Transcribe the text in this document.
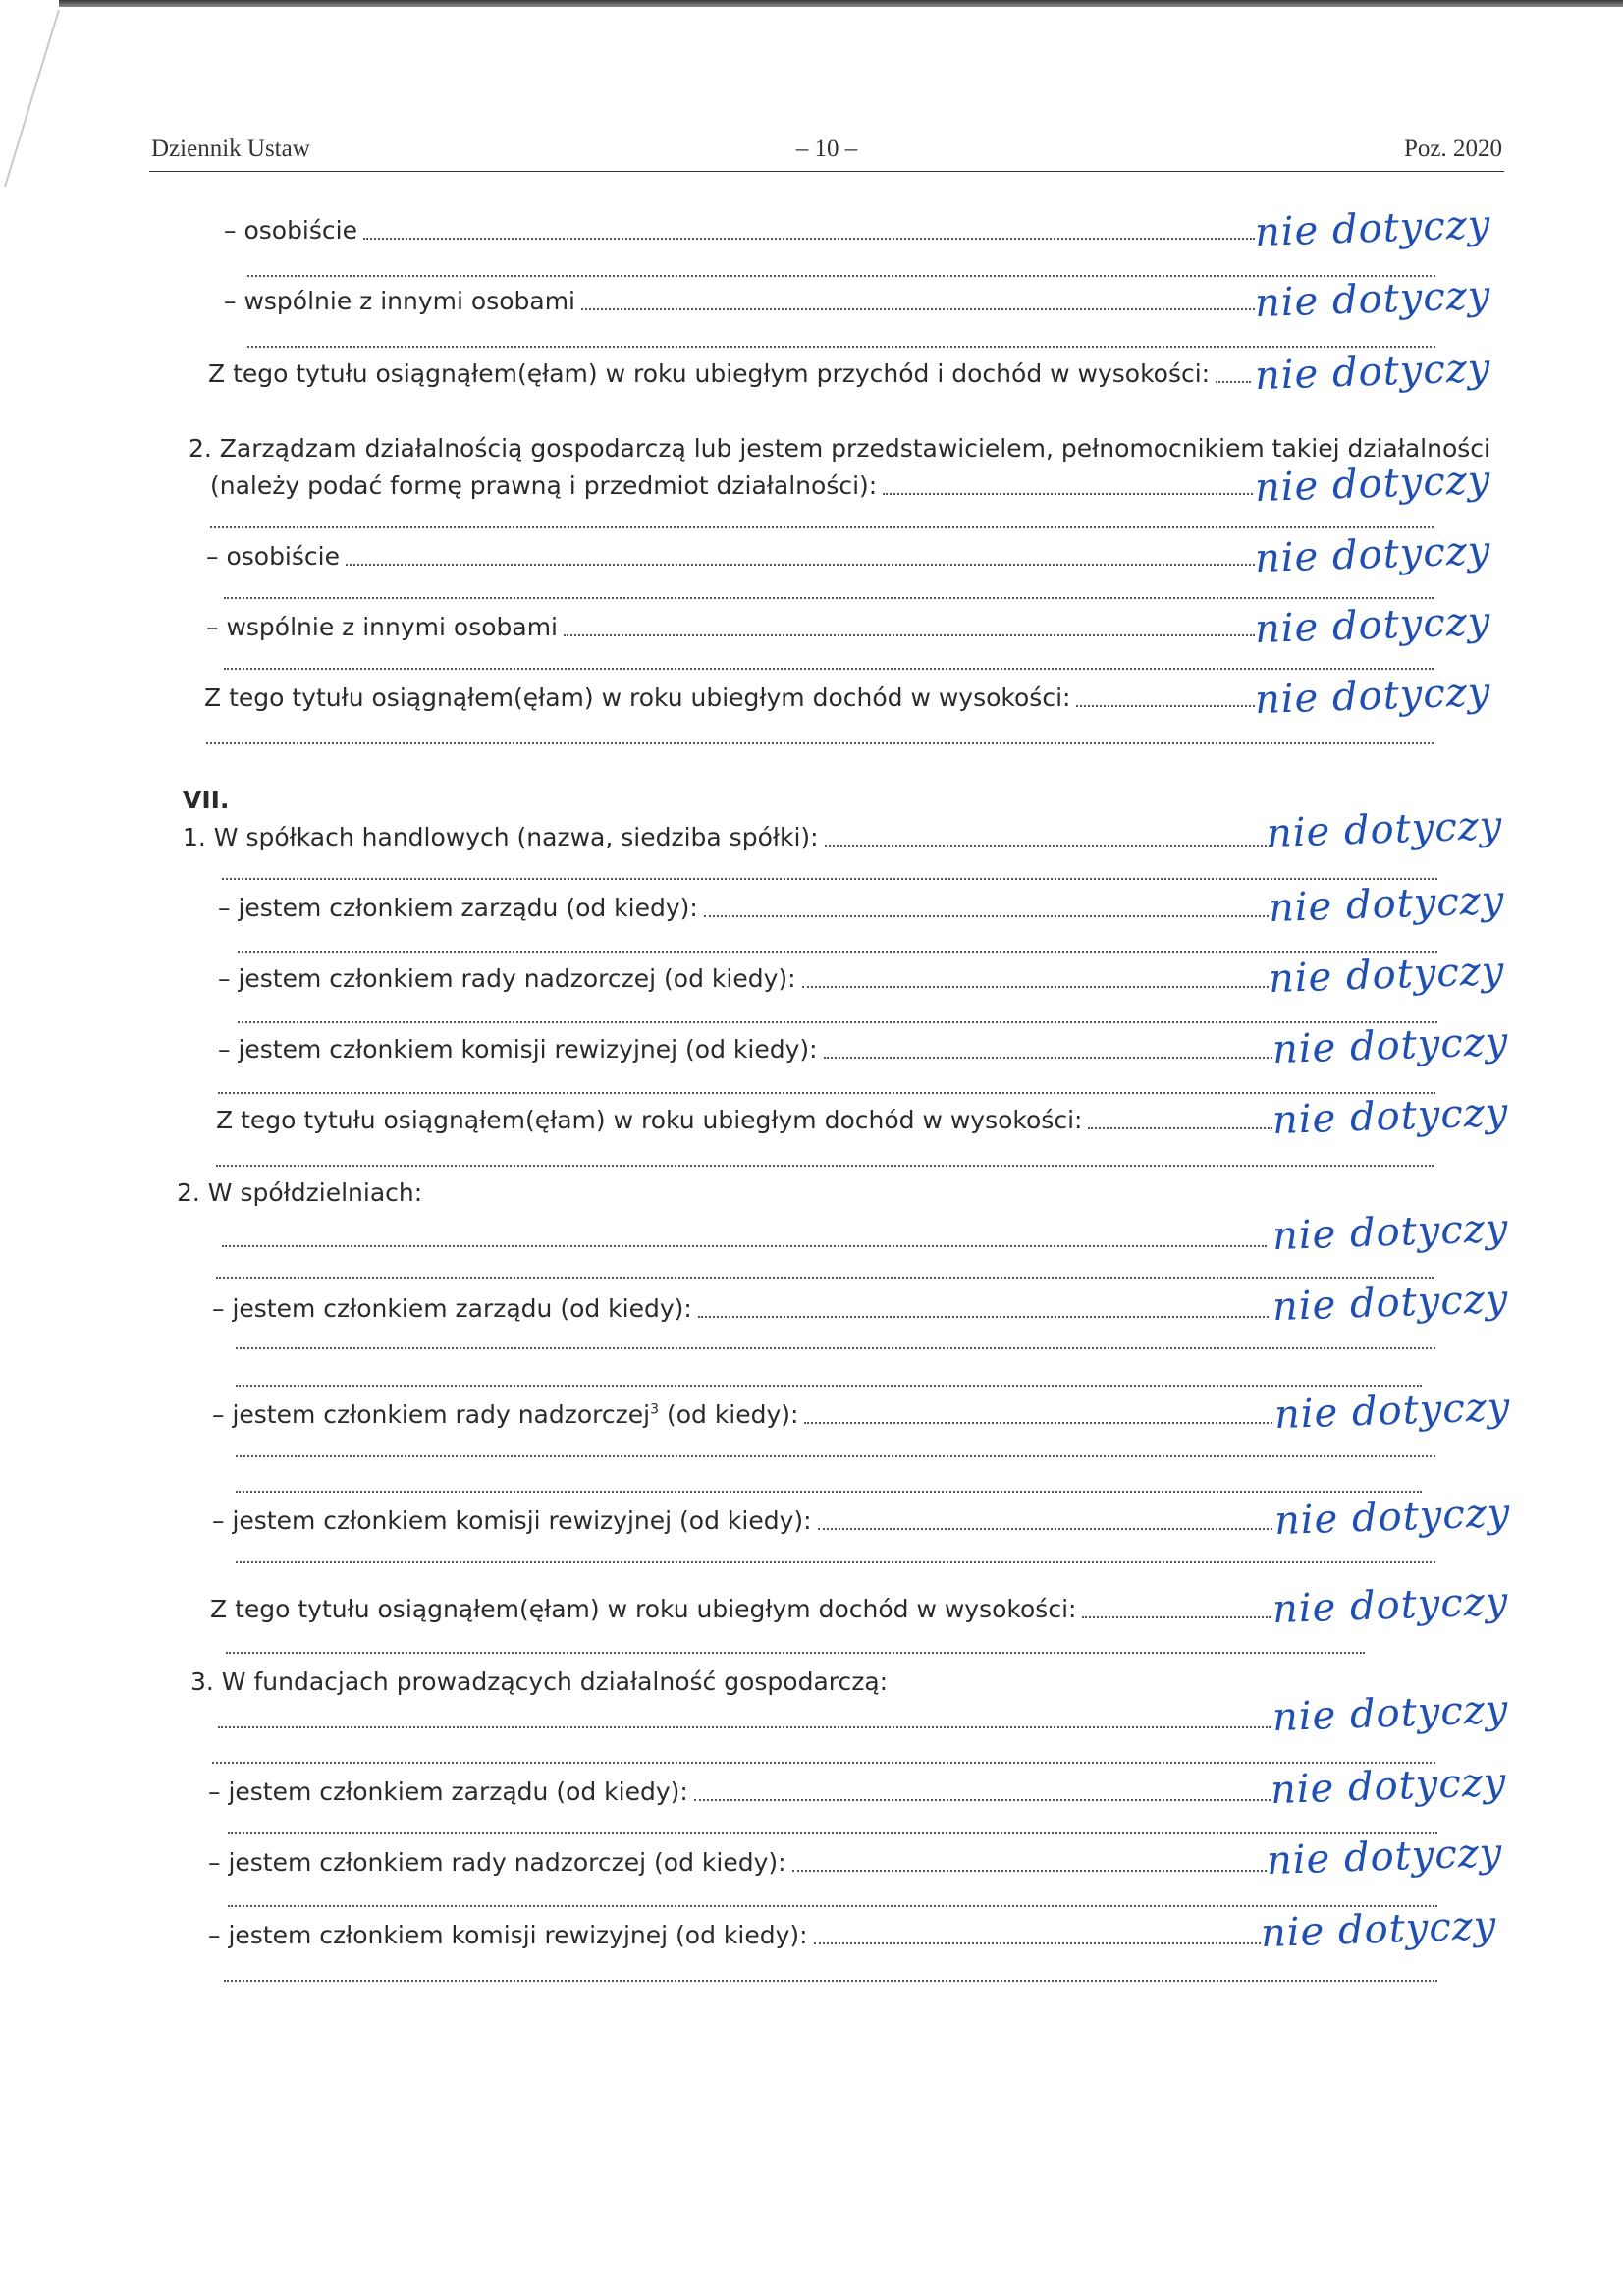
Dziennik Ustaw	– 10 –	Poz. 2020
– osobiście	nie dotyczy
– wspólnie z innymi osobami	nie dotyczy
Z tego tytułu osiągnąłem(ęłam) w roku ubiegłym przychód i dochód w wysokości: nie dotyczy
2. Zarządzam działalnością gospodarczą lub jestem przedstawicielem, pełnomocnikiem takiej działalności
(należy podać formę prawną i przedmiot działalności):	nie dotyczy
– osobiście	nie dotyczy
– wspólnie z innymi osobami	nie dotyczy
Z tego tytułu osiągnąłem(ęłam) w roku ubiegłym dochód w wysokości:	nie dotyczy
VII.
1. W spółkach handlowych (nazwa, siedziba spółki):	nie dotyczy
– jestem członkiem zarządu (od kiedy):	nie dotyczy
– jestem członkiem rady nadzorczej (od kiedy):	nie dotyczy
– jestem członkiem komisji rewizyjnej (od kiedy):	nie dotyczy
Z tego tytułu osiągnąłem(ęłam) w roku ubiegłym dochód w wysokości:	nie dotyczy
2. W spółdzielniach:
nie dotyczy
– jestem członkiem zarządu (od kiedy):	nie dotyczy
– jestem członkiem rady nadzorczej$^3$ (od kiedy):	nie dotyczy
– jestem członkiem komisji rewizyjnej (od kiedy):	nie dotyczy
Z tego tytułu osiągnąłem(ęłam) w roku ubiegłym dochód w wysokości:	nie dotyczy
3. W fundacjach prowadzących działalność gospodarczą:
nie dotyczy
– jestem członkiem zarządu (od kiedy):	nie dotyczy
– jestem członkiem rady nadzorczej (od kiedy):	nie dotyczy
– jestem członkiem komisji rewizyjnej (od kiedy):	nie dotyczy
